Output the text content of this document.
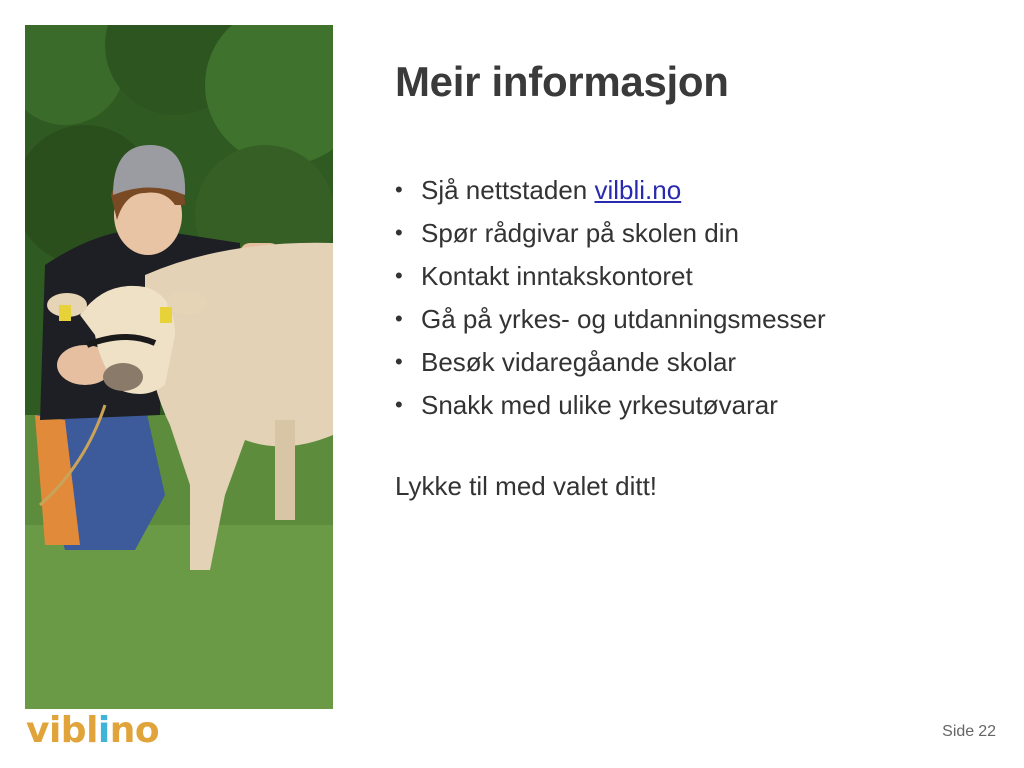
Meir informasjon
• Sjå nettstaden vilbli.no
• Spør rådgivar på skolen din
• Kontakt inntakskontoret
• Gå på yrkes- og utdanningsmesser
• Besøk vidaregåande skolar
• Snakk med ulike yrkesutøvarar

Lykke til med valet ditt!

viblino	Side 22
